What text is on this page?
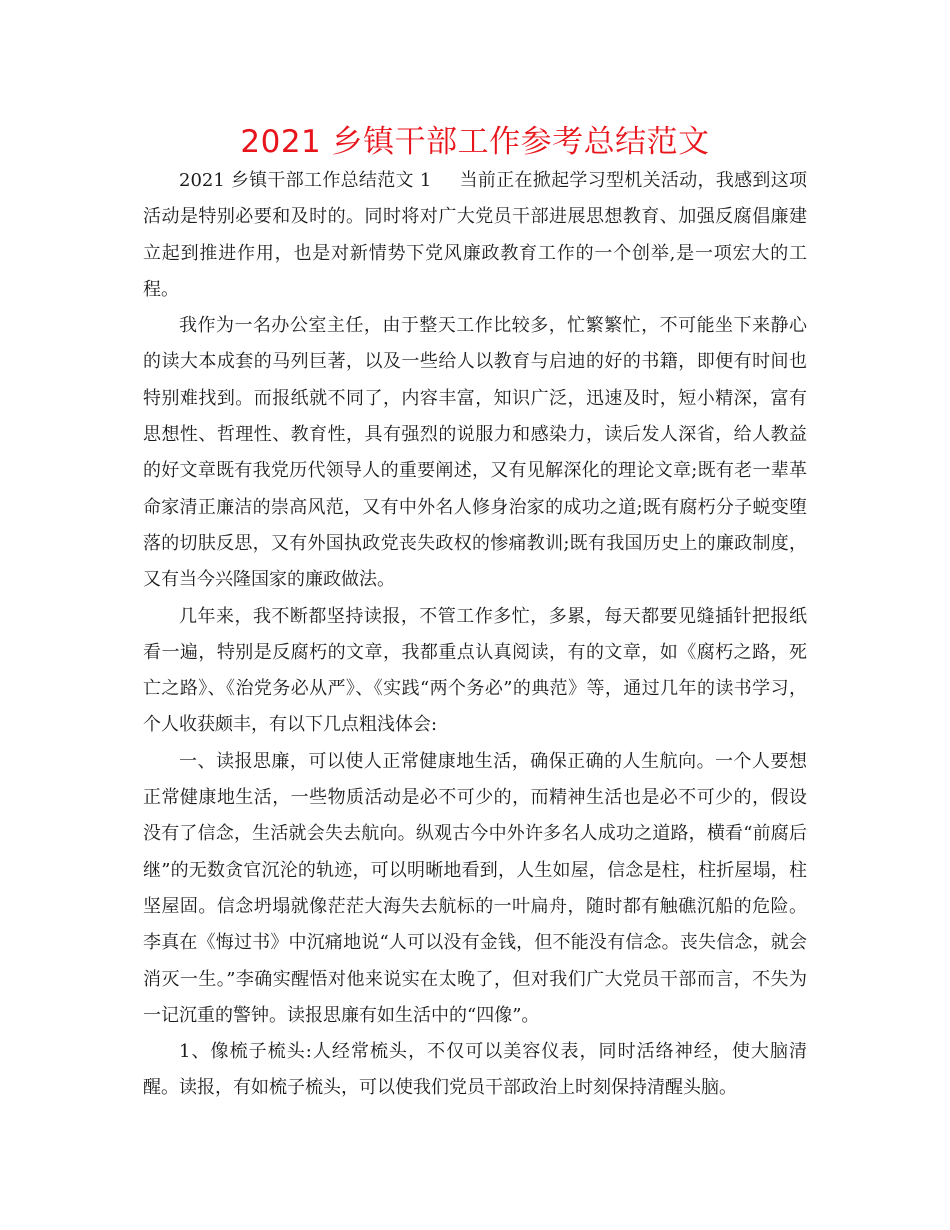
2021 乡镇干部工作参考总结范文

2021 乡镇干部工作总结范文 1 当前正在掀起学习型机关活动，我感到这项活动是特别必要和及时的。同时将对广大党员干部进展思想教育、加强反腐倡廉建立起到推进作用，也是对新情势下党风廉政教育工作的一个创举,是一项宏大的工程。

我作为一名办公室主任，由于整天工作比较多，忙繁繁忙，不可能坐下来静心的读大本成套的马列巨著，以及一些给人以教育与启迪的好的书籍，即便有时间也特别难找到。而报纸就不同了，内容丰富，知识广泛，迅速及时，短小精深，富有思想性、哲理性、教育性，具有强烈的说服力和感染力，读后发人深省，给人教益的好文章既有我党历代领导人的重要阐述，又有见解深化的理论文章;既有老一辈革命家清正廉洁的崇高风范，又有中外名人修身治家的成功之道;既有腐朽分子蜕变堕落的切肤反思，又有外国执政党丧失政权的惨痛教训;既有我国历史上的廉政制度，又有当今兴隆国家的廉政做法。

几年来，我不断都坚持读报，不管工作多忙，多累，每天都要见缝插针把报纸看一遍，特别是反腐朽的文章，我都重点认真阅读，有的文章，如《腐朽之路，死亡之路》、《治党务必从严》、《实践“两个务必”的典范》等，通过几年的读书学习，个人收获颇丰，有以下几点粗浅体会:

一、读报思廉，可以使人正常健康地生活，确保正确的人生航向。一个人要想正常健康地生活，一些物质活动是必不可少的，而精神生活也是必不可少的，假设没有了信念，生活就会失去航向。纵观古今中外许多名人成功之道路，横看“前腐后继”的无数贪官沉沦的轨迹，可以明晰地看到，人生如屋，信念是柱，柱折屋塌，柱坚屋固。信念坍塌就像茫茫大海失去航标的一叶扁舟，随时都有触礁沉船的危险。李真在《悔过书》中沉痛地说“人可以没有金钱，但不能没有信念。丧失信念，就会消灭一生。”李确实醒悟对他来说实在太晚了，但对我们广大党员干部而言，不失为一记沉重的警钟。读报思廉有如生活中的“四像”。

1、像梳子梳头:人经常梳头，不仅可以美容仪表，同时活络神经，使大脑清醒。读报，有如梳子梳头，可以使我们党员干部政治上时刻保持清醒头脑。
